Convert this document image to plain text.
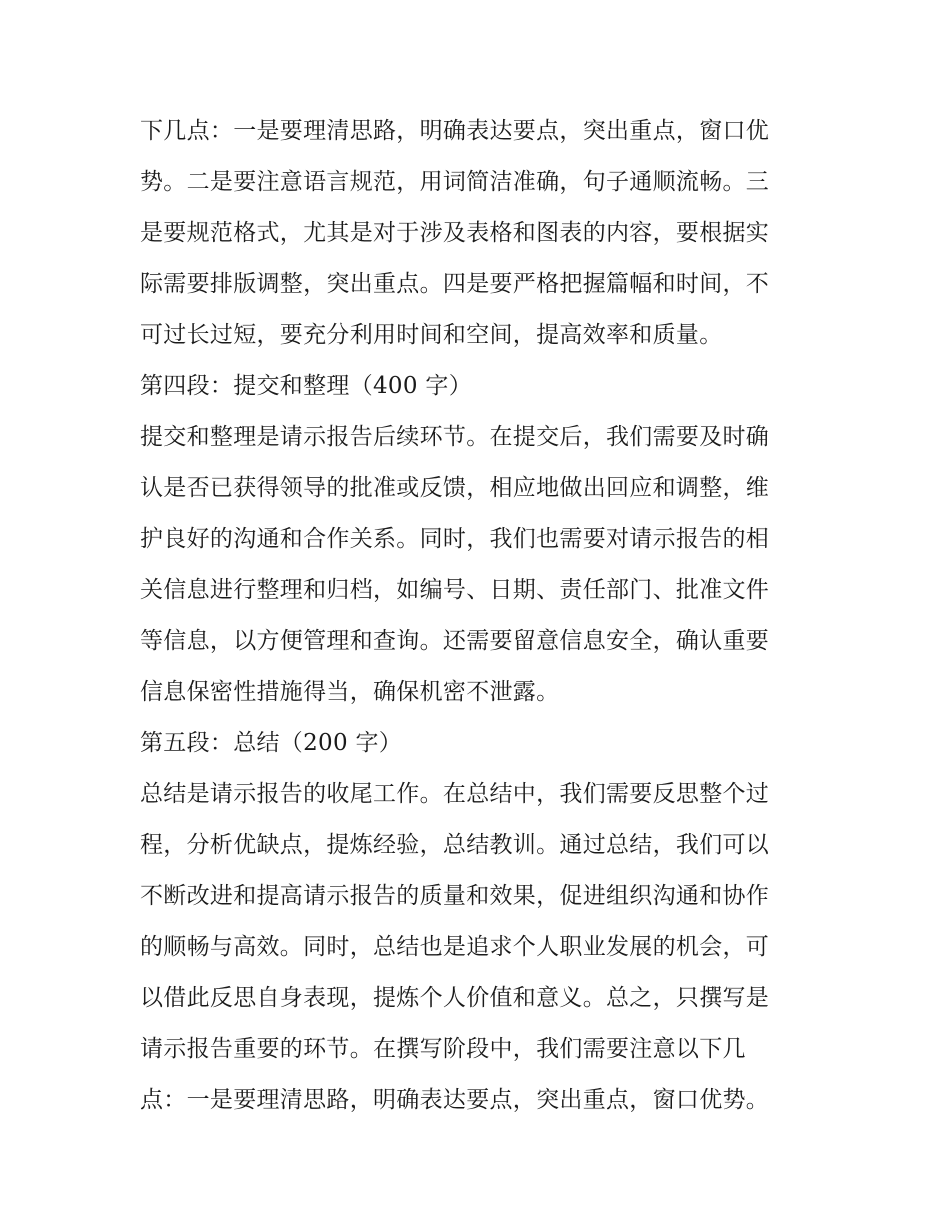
下几点：一是要理清思路，明确表达要点，突出重点，窗口优
势。二是要注意语言规范，用词简洁准确，句子通顺流畅。三
是要规范格式，尤其是对于涉及表格和图表的内容，要根据实
际需要排版调整，突出重点。四是要严格把握篇幅和时间，不
可过长过短，要充分利用时间和空间，提高效率和质量。
第四段：提交和整理（400 字）
提交和整理是请示报告后续环节。在提交后，我们需要及时确
认是否已获得领导的批准或反馈，相应地做出回应和调整，维
护良好的沟通和合作关系。同时，我们也需要对请示报告的相
关信息进行整理和归档，如编号、日期、责任部门、批准文件
等信息，以方便管理和查询。还需要留意信息安全，确认重要
信息保密性措施得当，确保机密不泄露。
第五段：总结（200 字）
总结是请示报告的收尾工作。在总结中，我们需要反思整个过
程，分析优缺点，提炼经验，总结教训。通过总结，我们可以
不断改进和提高请示报告的质量和效果，促进组织沟通和协作
的顺畅与高效。同时，总结也是追求个人职业发展的机会，可
以借此反思自身表现，提炼个人价值和意义。总之，只撰写是
请示报告重要的环节。在撰写阶段中，我们需要注意以下几
点：一是要理清思路，明确表达要点，突出重点，窗口优势。
